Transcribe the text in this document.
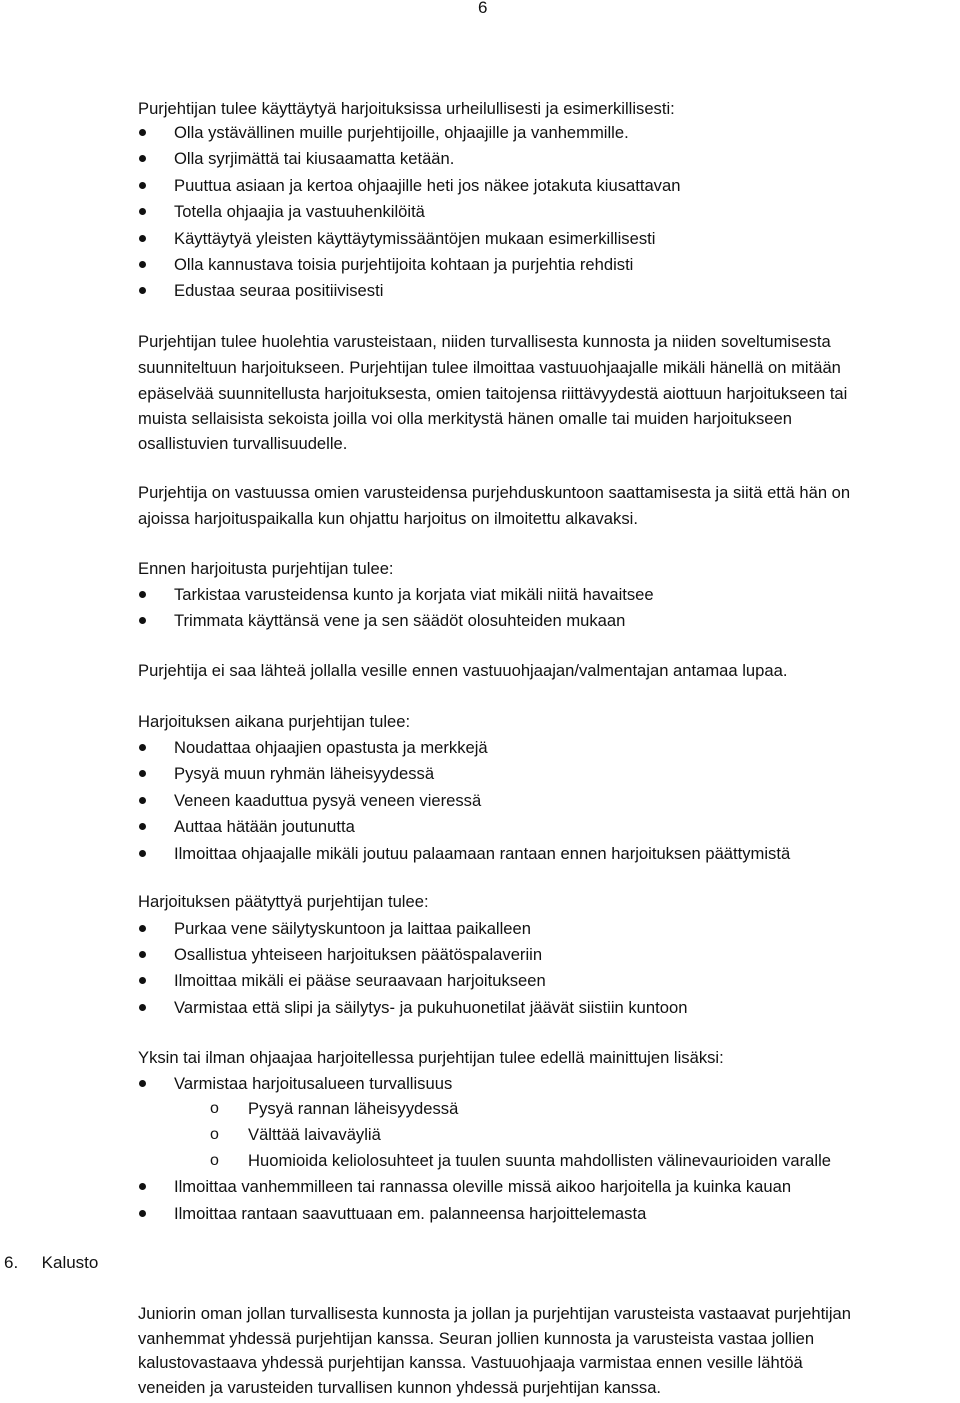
6
Purjehtijan tulee käyttäytyä harjoituksissa urheilullisesti ja esimerkillisesti:
Olla ystävällinen muille purjehtijoille, ohjaajille ja vanhemmille.
Olla syrjimättä tai kiusaamatta ketään.
Puuttua asiaan ja kertoa ohjaajille heti jos näkee jotakuta kiusattavan
Totella ohjaajia ja vastuuhenkilöitä
Käyttäytyä yleisten käyttäytymissääntöjen mukaan esimerkillisesti
Olla kannustava toisia purjehtijoita kohtaan ja purjehtia rehdisti
Edustaa seuraa positiivisesti
Purjehtijan tulee huolehtia varusteistaan, niiden turvallisesta kunnosta ja niiden soveltumisesta
suunniteltuun harjoitukseen. Purjehtijan tulee ilmoittaa vastuuohjaajalle mikäli hänellä on mitään
epäselvää suunnitellusta harjoituksesta, omien taitojensa riittävyydestä aiottuun harjoitukseen tai
muista sellaisista sekoista joilla voi olla merkitystä hänen omalle tai muiden harjoitukseen
osallistuvien turvallisuudelle.
Purjehtija on vastuussa omien varusteidensa purjehduskuntoon saattamisesta ja siitä että hän on
ajoissa harjoituspaikalla kun ohjattu harjoitus on ilmoitettu alkavaksi.
Ennen harjoitusta purjehtijan tulee:
Tarkistaa varusteidensa kunto ja korjata viat mikäli niitä havaitsee
Trimmata käyttänsä vene ja sen säädöt olosuhteiden mukaan
Purjehtija ei saa lähteä jollalla vesille ennen vastuuohjaajan/valmentajan antamaa lupaa.
Harjoituksen aikana purjehtijan tulee:
Noudattaa ohjaajien opastusta ja merkkejä
Pysyä muun ryhmän läheisyydessä
Veneen kaaduttua pysyä veneen vieressä
Auttaa hätään joutunutta
Ilmoittaa ohjaajalle mikäli joutuu palaamaan rantaan ennen harjoituksen päättymistä
Harjoituksen päätyttyä purjehtijan tulee:
Purkaa vene säilytyskuntoon ja laittaa paikalleen
Osallistua yhteiseen harjoituksen päätöspalaveriin
Ilmoittaa mikäli ei pääse seuraavaan harjoitukseen
Varmistaa että slipi ja säilytys- ja pukuhuonetilat jäävät siistiin kuntoon
Yksin tai ilman ohjaajaa harjoitellessa purjehtijan tulee edellä mainittujen lisäksi:
Varmistaa harjoitusalueen turvallisuus
o Pysyä rannan läheisyydessä
o Välttää laivaväyliä
o Huomioida keliolosuhteet ja tuulen suunta mahdollisten välinevaurioiden varalle
Ilmoittaa vanhemmilleen tai rannassa oleville missä aikoo harjoitella ja kuinka kauan
Ilmoittaa rantaan saavuttuaan em. palanneensa harjoittelemasta
6. Kalusto
Juniorin oman jollan turvallisesta kunnosta ja jollan ja purjehtijan varusteista vastaavat purjehtijan
vanhemmat yhdessä purjehtijan kanssa. Seuran jollien kunnosta ja varusteista vastaa jollien
kalustovastaava yhdessä purjehtijan kanssa. Vastuuohjaaja varmistaa ennen vesille lähtöä
veneiden ja varusteiden turvallisen kunnon yhdessä purjehtijan kanssa.
